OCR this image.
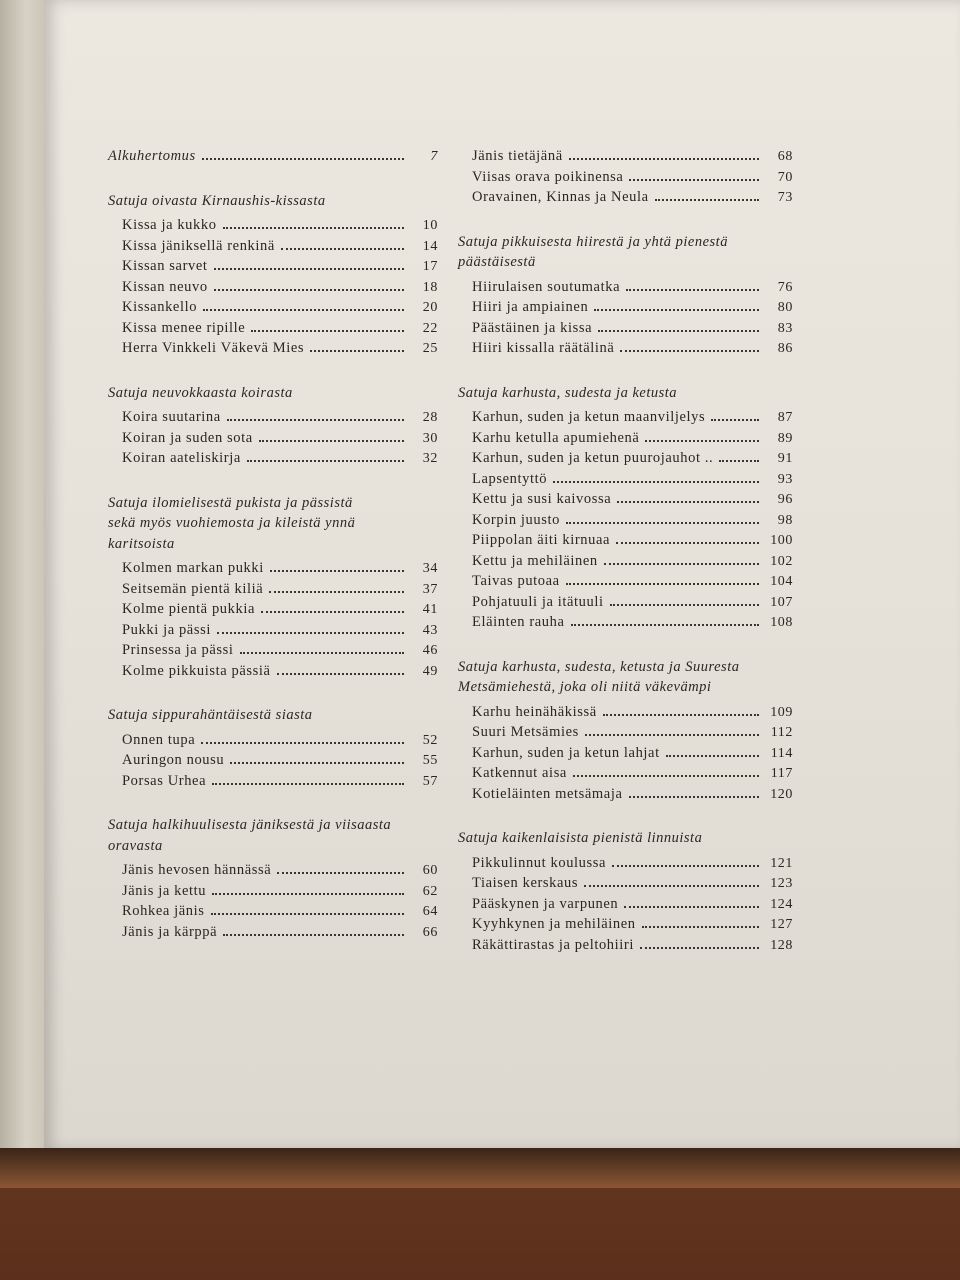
Alkuhertomus	7
Satuja oivasta Kirnaushis-kissasta
Kissa ja kukko	10
Kissa jäniksellä renkinä	14
Kissan sarvet	17
Kissan neuvo	18
Kissankello	20
Kissa menee ripille	22
Herra Vinkkeli Väkevä Mies	25
Satuja neuvokkaasta koirasta
Koira suutarina	28
Koiran ja suden sota	30
Koiran aateliskirja	32
Satuja ilomielisestä pukista ja pässistä
sekä myös vuohiemosta ja kileistä ynnä
karitsoista
Kolmen markan pukki	34
Seitsemän pientä kiliä	37
Kolme pientä pukkia	41
Pukki ja pässi	43
Prinsessa ja pässi	46
Kolme pikkuista pässiä	49
Satuja sippurahäntäisestä siasta
Onnen tupa	52
Auringon nousu	55
Porsas Urhea	57
Satuja halkihuulisesta jäniksestä ja viisaasta
oravasta
Jänis hevosen hännässä	60
Jänis ja kettu	62
Rohkea jänis	64
Jänis ja kärppä	66
Jänis tietäjänä	68
Viisas orava poikinensa	70
Oravainen, Kinnas ja Neula	73
Satuja pikkuisesta hiirestä ja yhtä pienestä
päästäisestä
Hiirulaisen soutumatka	76
Hiiri ja ampiainen	80
Päästäinen ja kissa	83
Hiiri kissalla räätälinä	86
Satuja karhusta, sudesta ja ketusta
Karhun, suden ja ketun maanviljelys	87
Karhu ketulla apumiehenä	89
Karhun, suden ja ketun puurojauhot ..	91
Lapsentyttö	93
Kettu ja susi kaivossa	96
Korpin juusto	98
Piippolan äiti kirnuaa	100
Kettu ja mehiläinen	102
Taivas putoaa	104
Pohjatuuli ja itätuuli	107
Eläinten rauha	108
Satuja karhusta, sudesta, ketusta ja Suuresta
Metsämiehestä, joka oli niitä väkevämpi
Karhu heinähäkissä	109
Suuri Metsämies	112
Karhun, suden ja ketun lahjat	114
Katkennut aisa	117
Kotieläinten metsämaja	120
Satuja kaikenlaisista pienistä linnuista
Pikkulinnut koulussa	121
Tiaisen kerskaus	123
Pääskynen ja varpunen	124
Kyyhkynen ja mehiläinen	127
Räkättirastas ja peltohiiri	128
